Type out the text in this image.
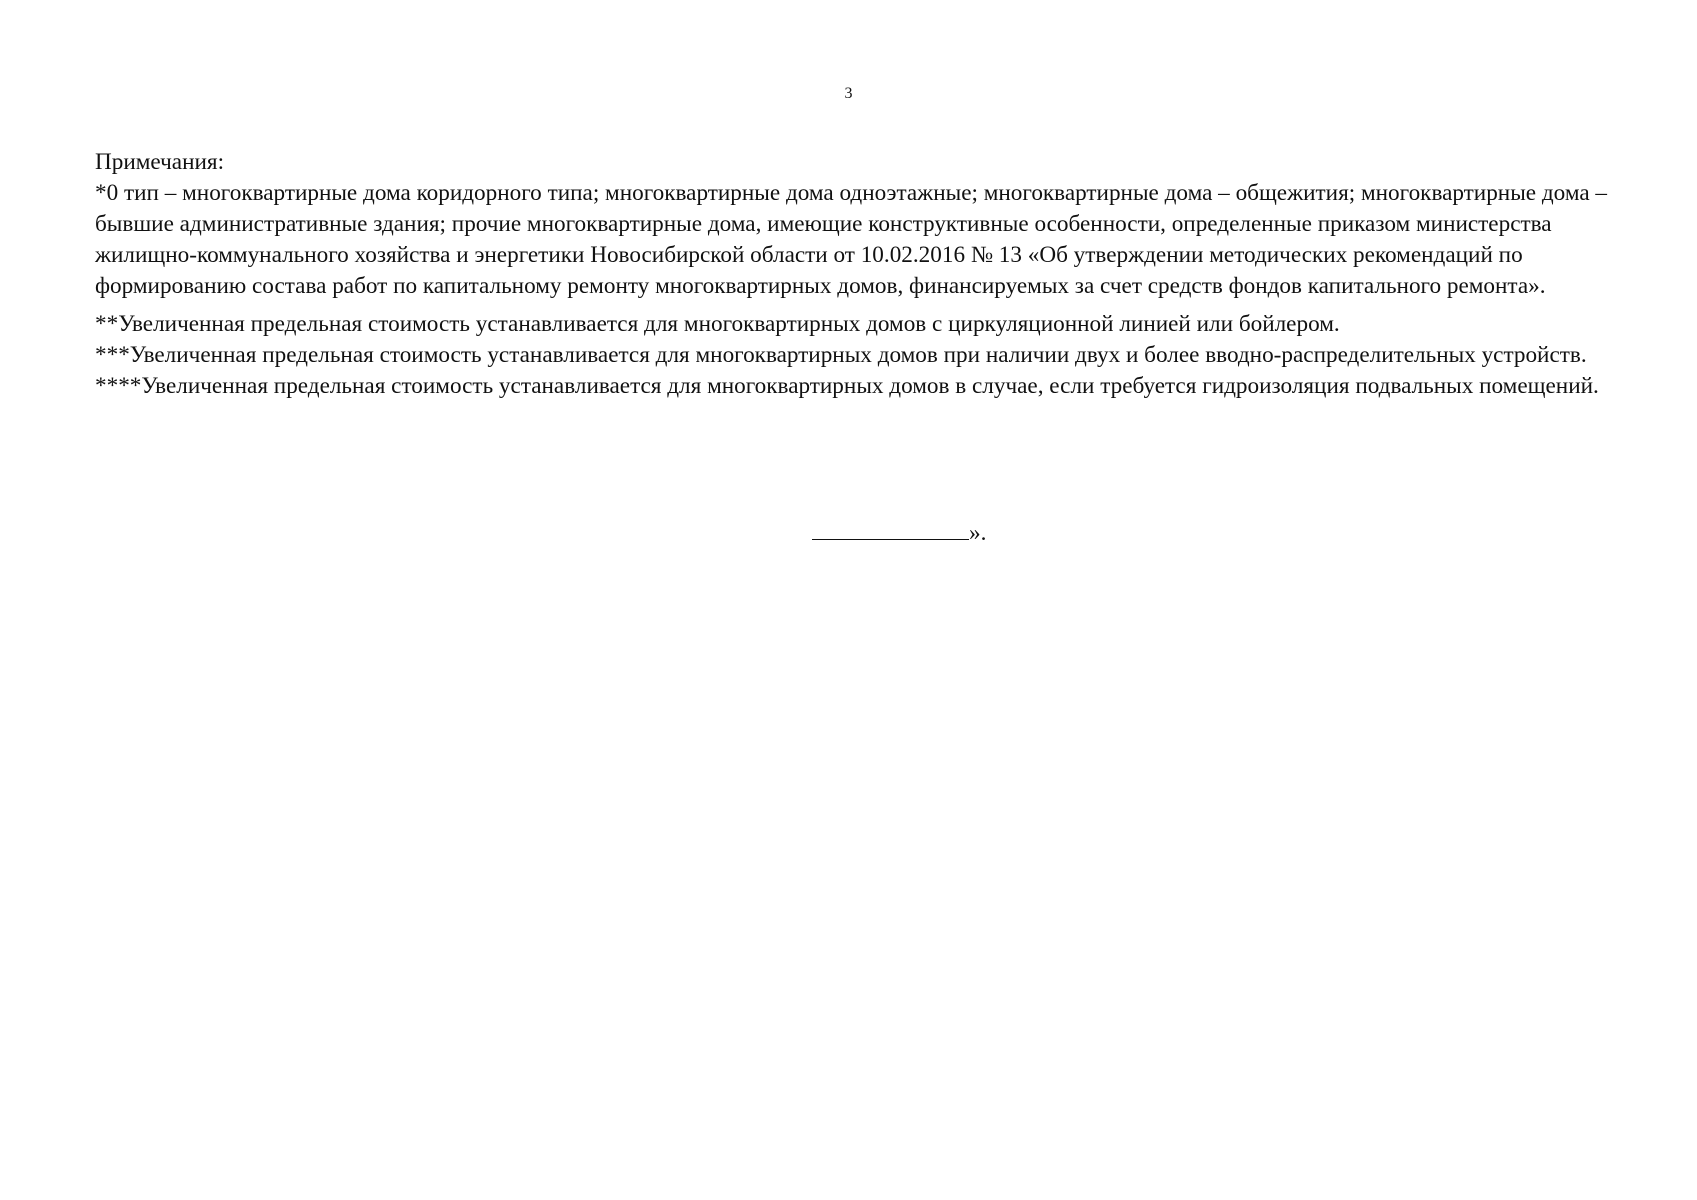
3

Примечания:

*0 тип – многоквартирные дома коридорного типа; многоквартирные дома одноэтажные; многоквартирные дома – общежития; многоквартирные дома – бывшие административные здания; прочие многоквартирные дома, имеющие конструктивные особенности, определенные приказом министерства жилищно-коммунального хозяйства и энергетики Новосибирской области от 10.02.2016 № 13 «Об утверждении методических рекомендаций по формированию состава работ по капитальному ремонту многоквартирных домов, финансируемых за счет средств фондов капитального ремонта».

**Увеличенная предельная стоимость устанавливается для многоквартирных домов с циркуляционной линией или бойлером.

***Увеличенная предельная стоимость устанавливается для многоквартирных домов при наличии двух и более вводно-распределительных устройств.

****Увеличенная предельная стоимость устанавливается для многоквартирных домов в случае, если требуется гидроизоляция подвальных помещений.

».
